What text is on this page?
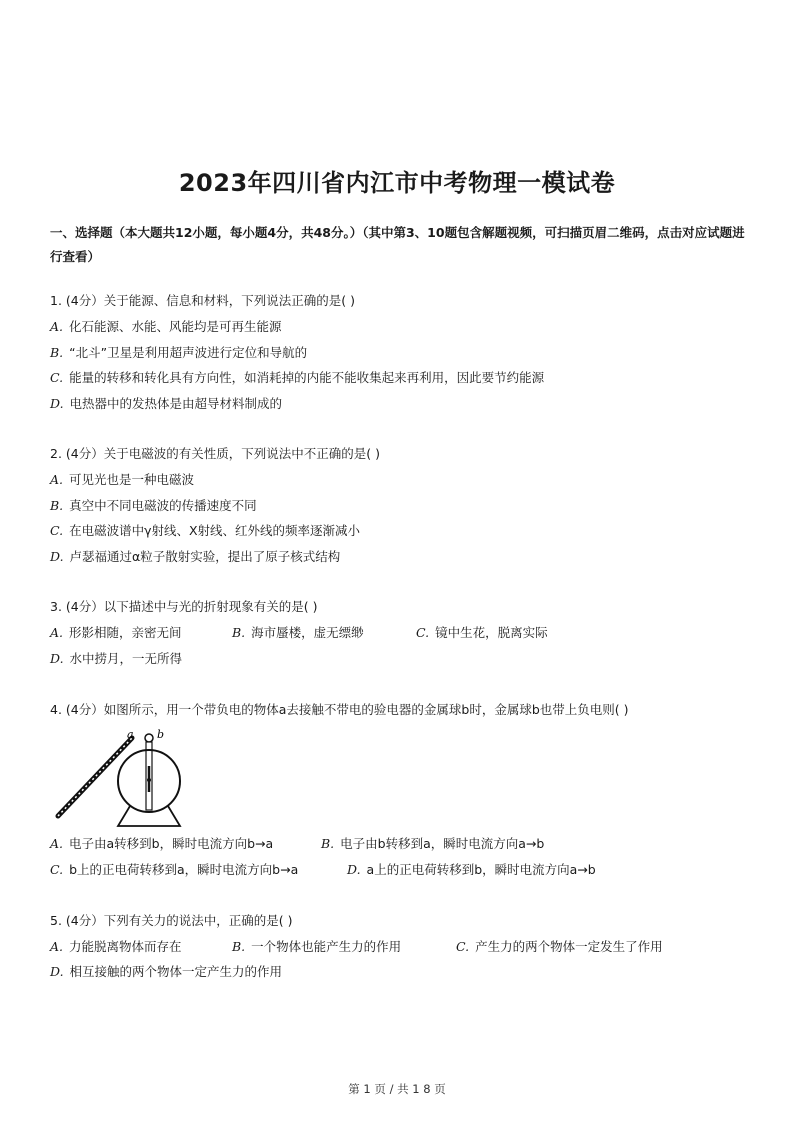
2023年四川省内江市中考物理一模试卷
一、选择题（本大题共12小题，每小题4分，共48分。）（其中第3、10题包含解题视频，可扫描页眉二维码，点击对应试题进行查看）
1. (4分）关于能源、信息和材料，下列说法正确的是( )
A. 化石能源、水能、风能均是可再生能源
B. “北斗”卫星是利用超声波进行定位和导航的
C. 能量的转移和转化具有方向性，如消耗掉的内能不能收集起来再利用，因此要节约能源
D. 电热器中的发热体是由超导材料制成的
2. (4分）关于电磁波的有关性质，下列说法中不正确的是( )
A. 可见光也是一种电磁波
B. 真空中不同电磁波的传播速度不同
C. 在电磁波谱中γ射线、X射线、红外线的频率逐渐减小
D. 卢瑟福通过α粒子散射实验，提出了原子核式结构
3. (4分）以下描述中与光的折射现象有关的是( )
A. 形影相随，亲密无间	B. 海市蜃楼，虚无缥缈	C. 镜中生花，脱离实际
D. 水中捞月，一无所得
4. (4分）如图所示，用一个带负电的物体a去接触不带电的验电器的金属球b时，金属球b也带上负电则( )
a b
A. 电子由a转移到b，瞬时电流方向b→a	B. 电子由b转移到a，瞬时电流方向a→b
C. b上的正电荷转移到a，瞬时电流方向b→a	D. a上的正电荷转移到b，瞬时电流方向a→b
5. (4分）下列有关力的说法中，正确的是( )
A. 力能脱离物体而存在	B. 一个物体也能产生力的作用	C. 产生力的两个物体一定发生了作用
D. 相互接触的两个物体一定产生力的作用
第 1 页 / 共 1 8 页
